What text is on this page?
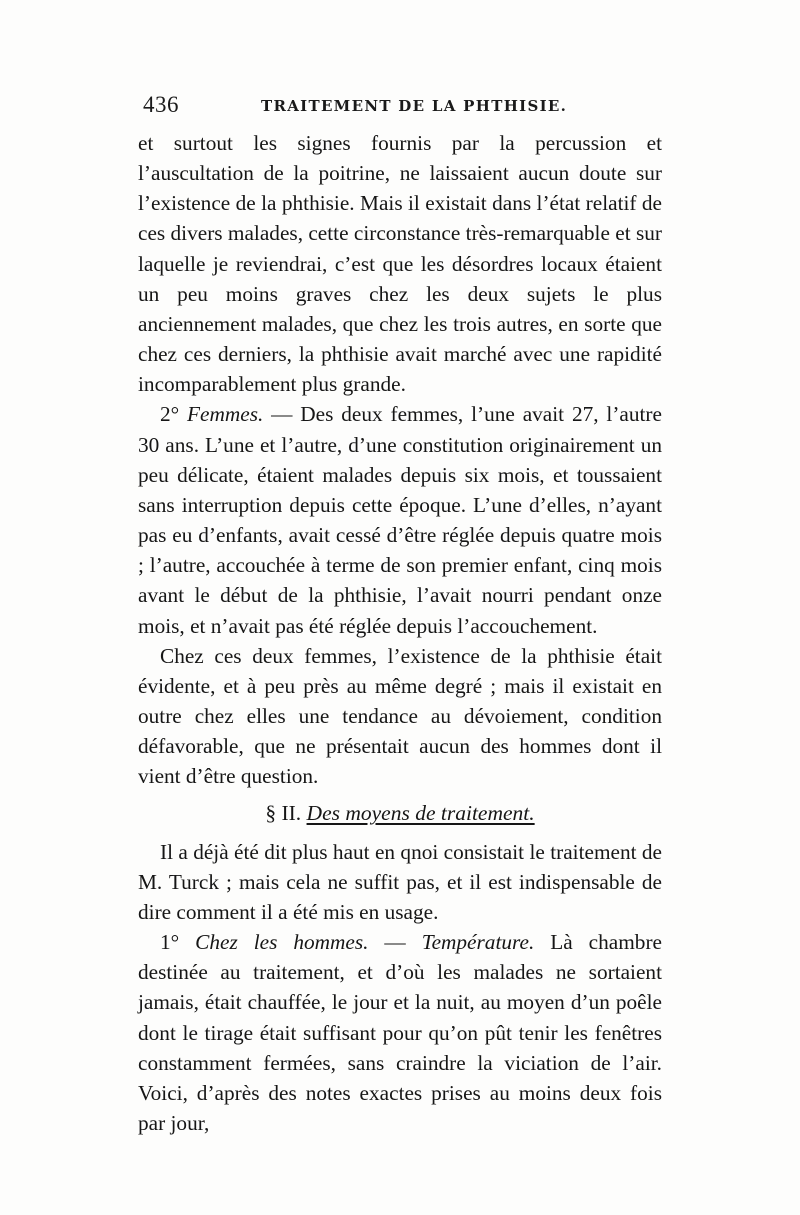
436	TRAITEMENT DE LA PHTHISIE.

et surtout les signes fournis par la percussion et l’auscultation de la poitrine, ne laissaient aucun doute sur l’existence de la phthisie. Mais il existait dans l’état relatif de ces divers malades, cette circonstance très-remarquable et sur laquelle je reviendrai, c’est que les désordres locaux étaient un peu moins graves chez les deux sujets le plus anciennement malades, que chez les trois autres, en sorte que chez ces derniers, la phthisie avait marché avec une rapidité incomparablement plus grande.

2° Femmes. — Des deux femmes, l’une avait 27, l’autre 30 ans. L’une et l’autre, d’une constitution originairement un peu délicate, étaient malades depuis six mois, et toussaient sans interruption depuis cette époque. L’une d’elles, n’ayant pas eu d’enfants, avait cessé d’être réglée depuis quatre mois ; l’autre, accouchée à terme de son premier enfant, cinq mois avant le début de la phthisie, l’avait nourri pendant onze mois, et n’avait pas été réglée depuis l’accouchement.

Chez ces deux femmes, l’existence de la phthisie était évidente, et à peu près au même degré ; mais il existait en outre chez elles une tendance au dévoiement, condition défavorable, que ne présentait aucun des hommes dont il vient d’être question.

§ II. Des moyens de traitement.

Il a déjà été dit plus haut en qnoi consistait le traitement de M. Turck ; mais cela ne suffit pas, et il est indispensable de dire comment il a été mis en usage.

1° Chez les hommes. — Température. Là chambre destinée au traitement, et d’où les malades ne sortaient jamais, était chauffée, le jour et la nuit, au moyen d’un poêle dont le tirage était suffisant pour qu’on pût tenir les fenêtres constamment fermées, sans craindre la viciation de l’air. Voici, d’après des notes exactes prises au moins deux fois par jour,
